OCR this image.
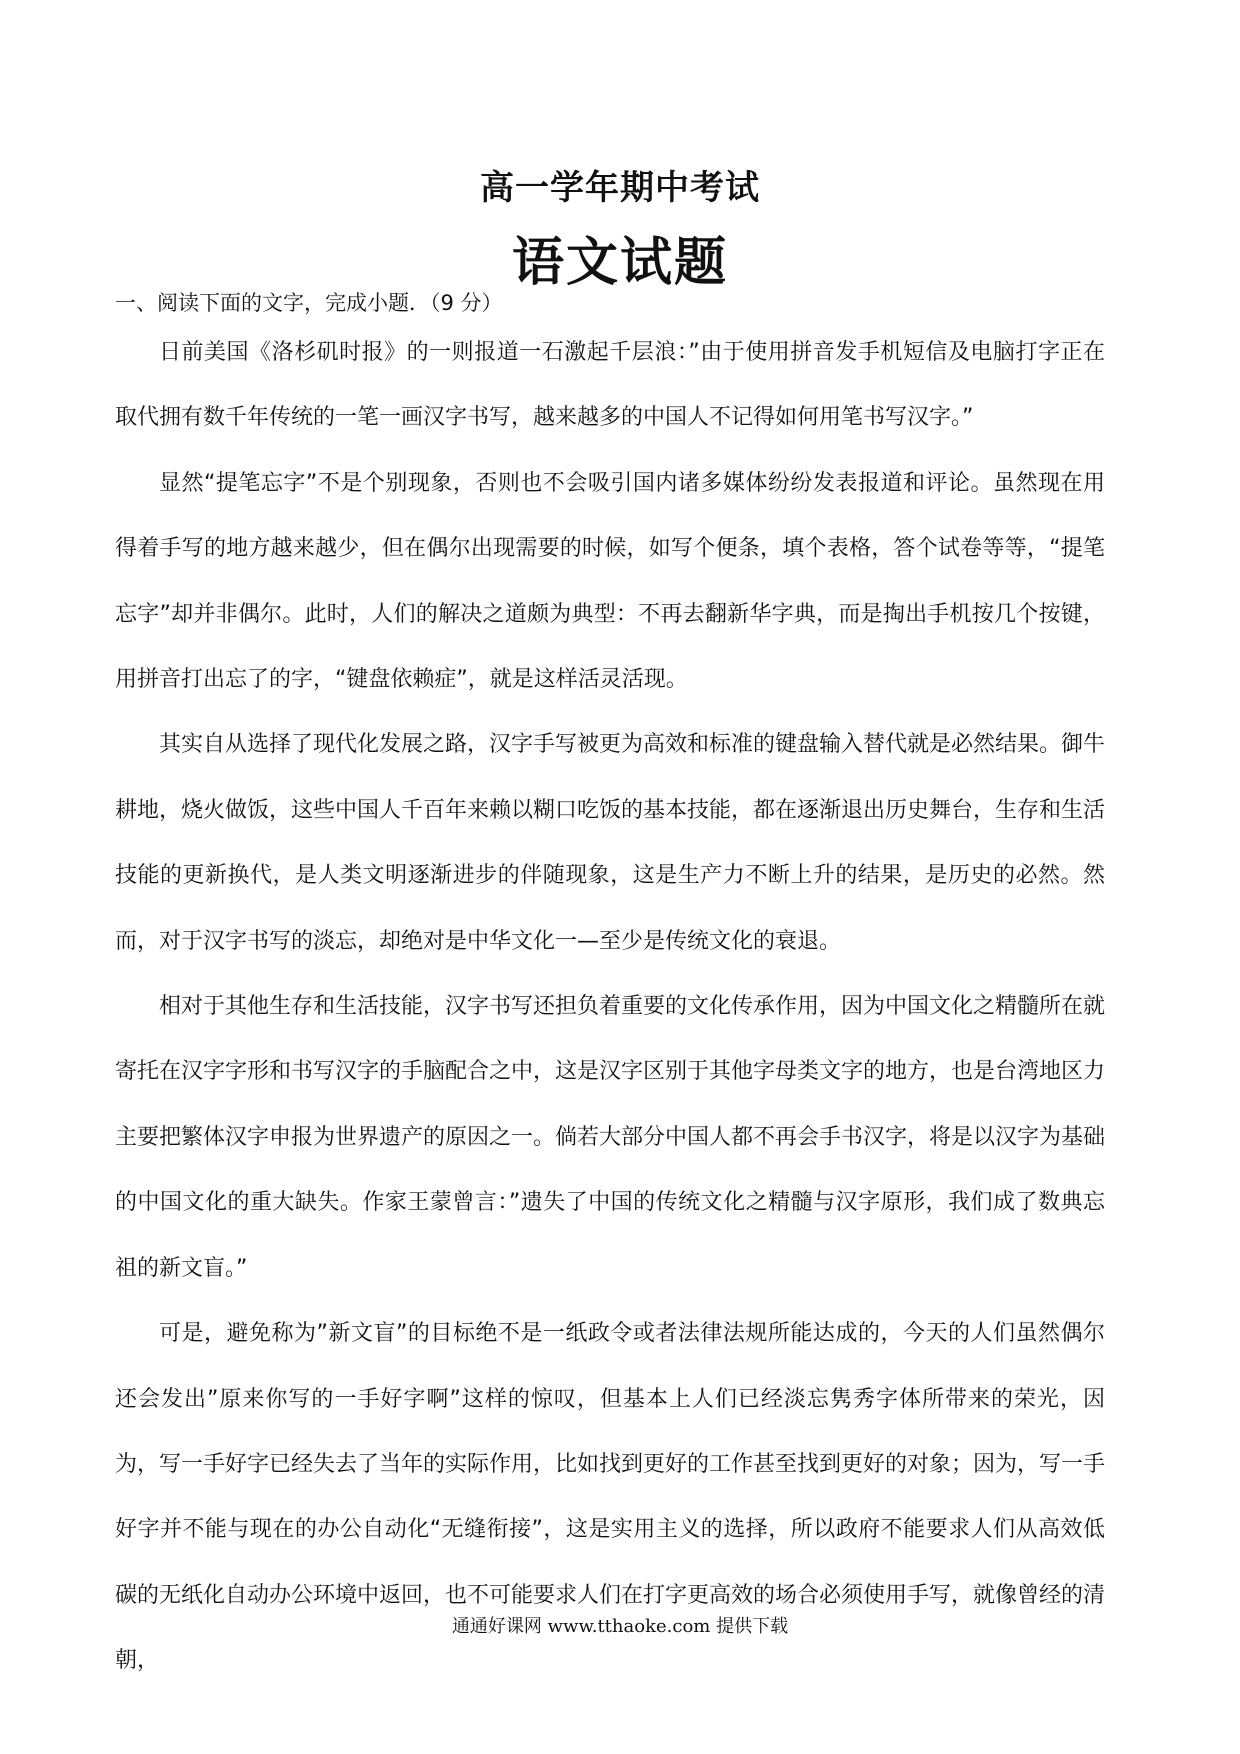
高一学年期中考试
语文试题
一、阅读下面的文字，完成小题．（9 分）

日前美国《洛杉矶时报》的一则报道一石激起千层浪：”由于使用拼音发手机短信及电脑打字正在取代拥有数千年传统的一笔一画汉字书写，越来越多的中国人不记得如何用笔书写汉字。”

显然“提笔忘字”不是个别现象，否则也不会吸引国内诸多媒体纷纷发表报道和评论。虽然现在用得着手写的地方越来越少，但在偶尔出现需要的时候，如写个便条，填个表格，答个试卷等等，“提笔忘字”却并非偶尔。此时，人们的解决之道颇为典型：不再去翻新华字典，而是掏出手机按几个按键，用拼音打出忘了的字，“键盘依赖症”，就是这样活灵活现。

其实自从选择了现代化发展之路，汉字手写被更为高效和标准的键盘输入替代就是必然结果。御牛耕地，烧火做饭，这些中国人千百年来赖以糊口吃饭的基本技能，都在逐渐退出历史舞台，生存和生活技能的更新换代，是人类文明逐渐进步的伴随现象，这是生产力不断上升的结果，是历史的必然。然而，对于汉字书写的淡忘，却绝对是中华文化一—至少是传统文化的衰退。

相对于其他生存和生活技能，汉字书写还担负着重要的文化传承作用，因为中国文化之精髓所在就寄托在汉字字形和书写汉字的手脑配合之中，这是汉字区别于其他字母类文字的地方，也是台湾地区力主要把繁体汉字申报为世界遗产的原因之一。倘若大部分中国人都不再会手书汉字，将是以汉字为基础的中国文化的重大缺失。作家王蒙曾言：”遗失了中国的传统文化之精髓与汉字原形，我们成了数典忘祖的新文盲。”

可是，避免称为”新文盲”的目标绝不是一纸政令或者法律法规所能达成的，今天的人们虽然偶尔还会发出”原来你写的一手好字啊”这样的惊叹，但基本上人们已经淡忘隽秀字体所带来的荣光，因为，写一手好字已经失去了当年的实际作用，比如找到更好的工作甚至找到更好的对象；因为，写一手好字并不能与现在的办公自动化“无缝衔接”，这是实用主义的选择，所以政府不能要求人们从高效低碳的无纸化自动办公环境中返回，也不可能要求人们在打字更高效的场合必须使用手写，就像曾经的清朝，

通通好课网 www.tthaoke.com 提供下载
